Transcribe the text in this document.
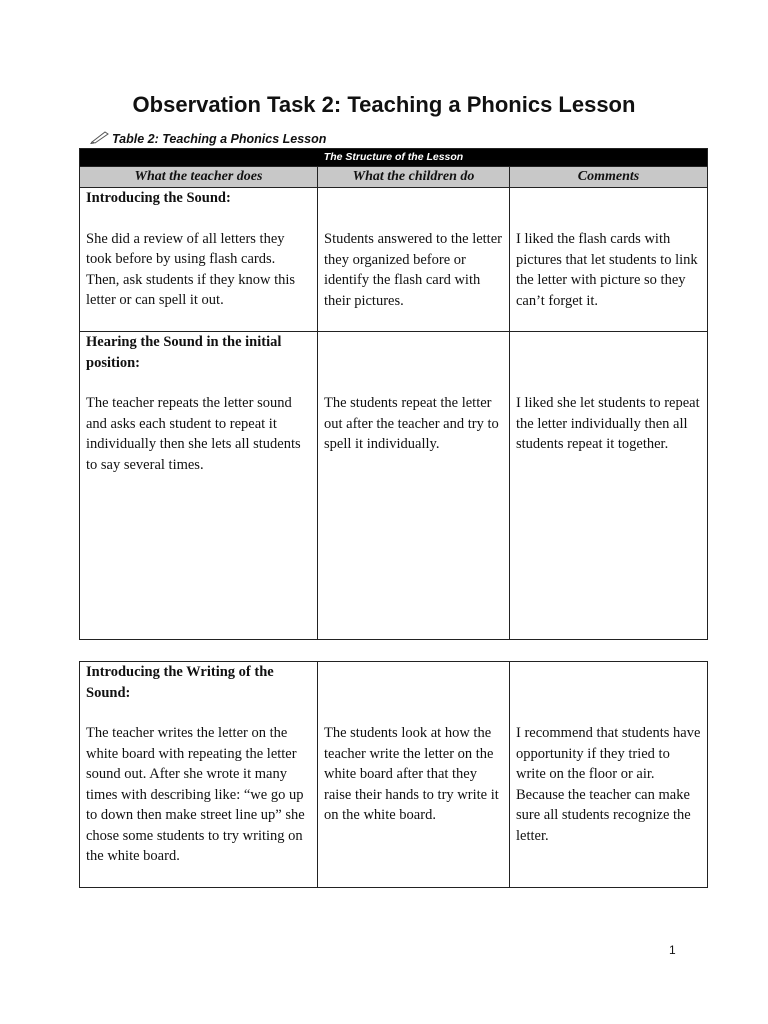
Observation Task 2: Teaching a Phonics Lesson
Table 2: Teaching a Phonics Lesson
The Structure of the Lesson		
What the teacher does	What the children do	Comments

Introducing the Sound:
She did a review of all letters they took before by using flash cards. Then, ask students if they know this letter or can spell it out.	Students answered to the letter they organized before or identify the flash card with their pictures.	I liked the flash cards with pictures that let students to link the letter with picture so they can’t forget it.

Hearing the Sound in the initial position:
The teacher repeats the letter sound and asks each student to repeat it individually then she lets all students to say several times.	The students repeat the letter out after the teacher and try to spell it individually.	I liked she let students to repeat the letter individually then all students repeat it together.
Introducing the Writing of the Sound:
The teacher writes the letter on the white board with repeating the letter sound out. After she wrote it many times with describing like: “we go up to down then make street line up” she chose some students to try writing on the white board.	The students look at how the teacher write the letter on the white board after that they raise their hands to try write it on the white board.	I recommend that students have opportunity if they tried to write on the floor or air. Because the teacher can make sure all students recognize the letter.
1
